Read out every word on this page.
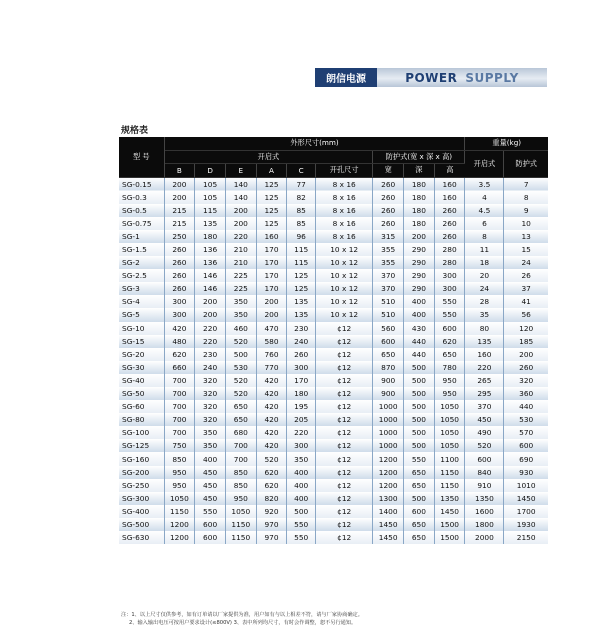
朗信电源	POWER SUPPLY
规格表
型 号	外形尺寸(mm)									重量(kg)	
	开启式						防护式(宽 x 深 x 高)			开启式	防护式
	B	D	E	A	C	开孔尺寸	宽	深	高		
SG-0.15	200	105	140	125	77	8 x 16	260	180	160	3.5	7
SG-0.3	200	105	140	125	82	8 x 16	260	180	160	4	8
SG-0.5	215	115	200	125	85	8 x 16	260	180	260	4.5	9
SG-0.75	215	135	200	125	85	8 x 16	260	180	260	6	10
SG-1	250	180	220	160	96	8 x 16	315	200	260	8	13
SG-1.5	260	136	210	170	115	10 x 12	355	290	280	11	15
SG-2	260	136	210	170	115	10 x 12	355	290	280	18	24
SG-2.5	260	146	225	170	125	10 x 12	370	290	300	20	26
SG-3	260	146	225	170	125	10 x 12	370	290	300	24	37
SG-4	300	200	350	200	135	10 x 12	510	400	550	28	41
SG-5	300	200	350	200	135	10 x 12	510	400	550	35	56
SG-10	420	220	460	470	230	¢12	560	430	600	80	120
SG-15	480	220	520	580	240	¢12	600	440	620	135	185
SG-20	620	230	500	760	260	¢12	650	440	650	160	200
SG-30	660	240	530	770	300	¢12	870	500	780	220	260
SG-40	700	320	520	420	170	¢12	900	500	950	265	320
SG-50	700	320	520	420	180	¢12	900	500	950	295	360
SG-60	700	320	650	420	195	¢12	1000	500	1050	370	440
SG-80	700	320	650	420	205	¢12	1000	500	1050	450	530
SG-100	700	350	680	420	220	¢12	1000	500	1050	490	570
SG-125	750	350	700	420	300	¢12	1000	500	1050	520	600
SG-160	850	400	700	520	350	¢12	1200	550	1100	600	690
SG-200	950	450	850	620	400	¢12	1200	650	1150	840	930
SG-250	950	450	850	620	400	¢12	1200	650	1150	910	1010
SG-300	1050	450	950	820	400	¢12	1300	500	1350	1350	1450
SG-400	1150	550	1050	920	500	¢12	1400	600	1450	1600	1700
SG-500	1200	600	1150	970	550	¢12	1450	650	1500	1800	1930
SG-630	1200	600	1150	970	550	¢12	1450	650	1500	2000	2150
注：1、以上尺寸仅供参考，如有订单请以厂家提供为准，用户如有与以上相差不符，请与厂家协商确定。
2、输入输出电压可按用户要求设计(≤800V) 3、表中所列均尺寸，有时会作调整，恕不另行通知。
